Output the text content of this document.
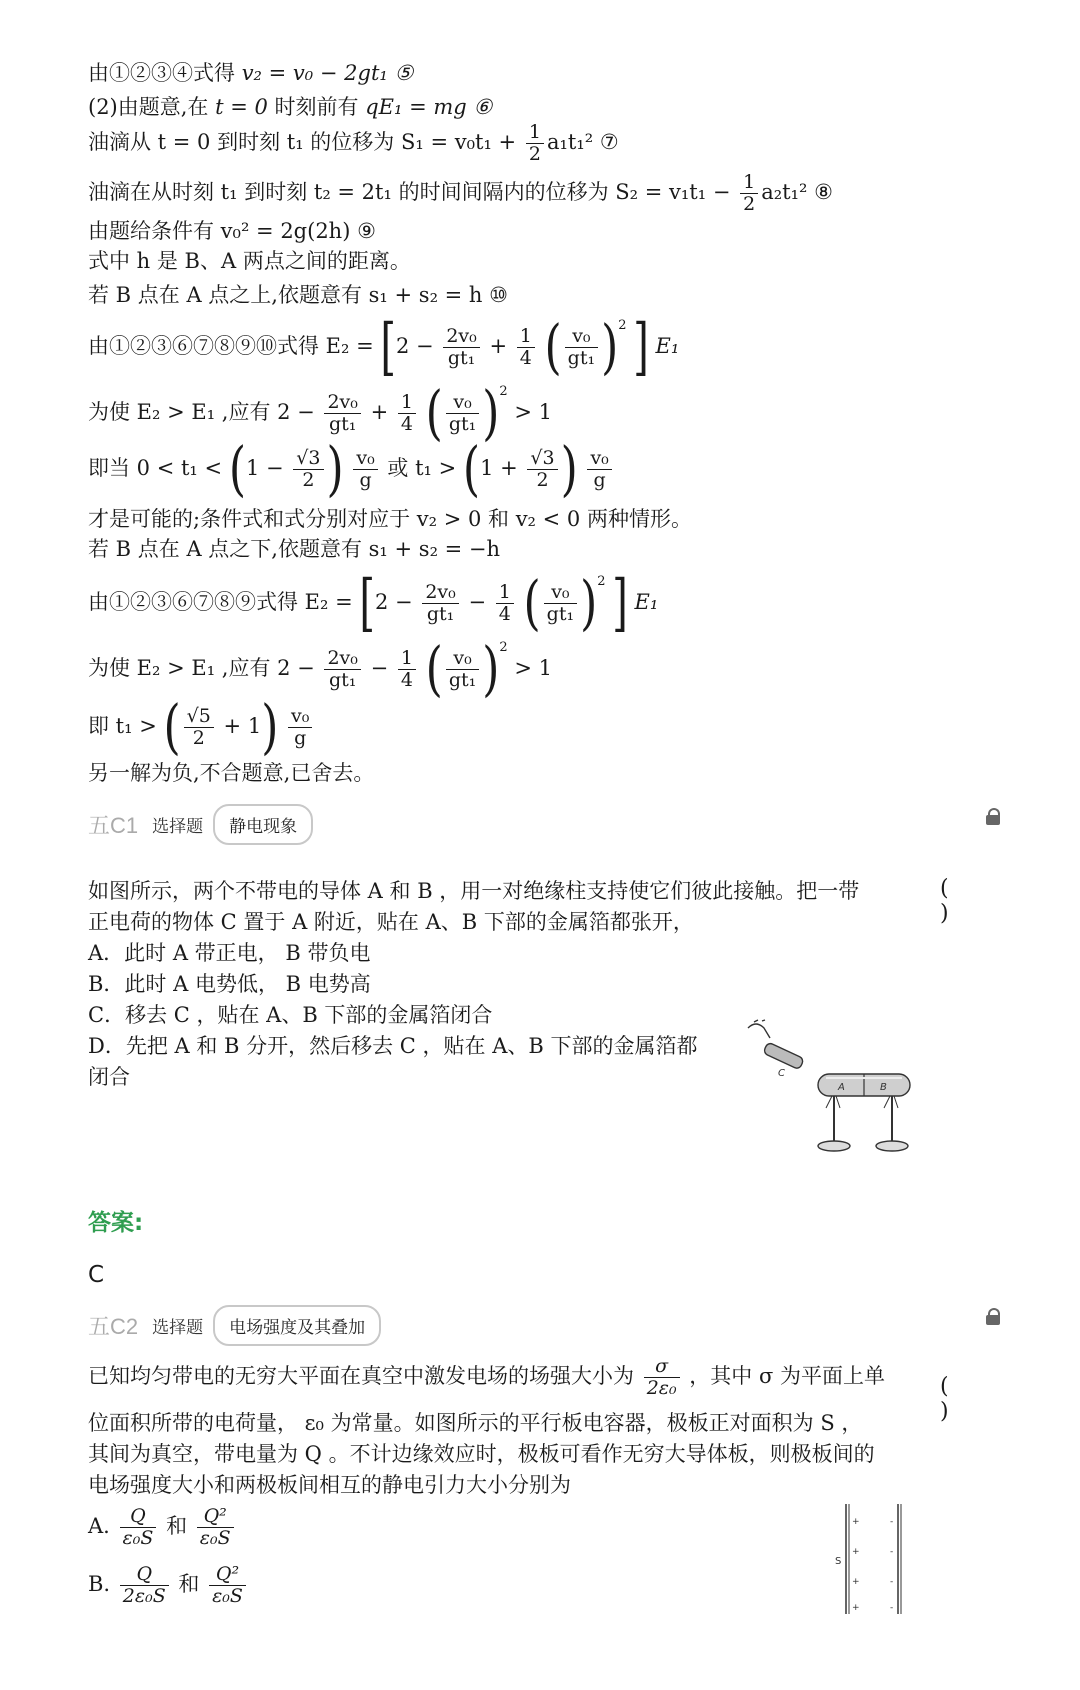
由①②③④式得 v₂ = v₀ − 2gt₁ ⑤
(2)由题意,在 t = 0 时刻前有 qE₁ = mg ⑥
油滴从 t = 0 到时刻 t₁ 的位移为 $S_1 = v_0t_1 + \frac{1}{2} a_1t_1^2$ ⑦
油滴在从时刻 t₁ 到时刻 t₂ = 2t₁ 的时间间隔内的位移为 $S_2 = v_1t_1 - \frac{1}{2} a_2t_1^2$ ⑧
由题给条件有 v₀² = 2g(2h) ⑨
式中 h 是 B、A 两点之间的距离。
若 B 点在 A 点之上,依题意有 s₁ + s₂ = h ⑩
由①②③⑥⑦⑧⑨⑩式得 $E_2 = [2 - \frac{\text{2v₀}}{\text{gt₁}} + \frac{1}{4}$ ( $\frac{\text{v₀}}{\text{gt₁}} )^2$ ] E₁
为使 E₂ > E₁ ,应有 $2 - \frac{\text{2v₀}}{\text{gt₁}} + \frac{1}{4}$ ( $\frac{\text{v₀}}{\text{gt₁}} )^2 > 1$
即当 $0 < t_1 < (1 - \frac{√3}{2}$ ) $\frac{\text{v₀}}{g}$ 或 $t_1 > (1 + \frac{√3}{2}$ ) $\frac{\text{v₀}}{g}$
才是可能的;条件式和式分别对应于 v₂ > 0 和 v₂ < 0 两种情形。
若 B 点在 A 点之下,依题意有 s₁ + s₂ = −h
由①②③⑥⑦⑧⑨式得 $E_2 = [2 - \frac{\text{2v₀}}{\text{gt₁}} - \frac{1}{4}$ ( $\frac{\text{v₀}}{\text{gt₁}} )^2$ ] E₁
为使 E₂ > E₁ ,应有 $2 - \frac{\text{2v₀}}{\text{gt₁}} - \frac{1}{4}$ ( $\frac{\text{v₀}}{\text{gt₁}} )^2 > 1$
即 t₁ > ( $\frac{√5}{2} + 1) \frac{\text{v₀}}{g}$
另一解为负,不合题意,已舍去。
五C1 选择题	静电现象
( )
如图所示，两个不带电的导体 A 和 B ，用一对绝缘柱支持使它们彼此接触。把一带
正电荷的物体 C 置于 A 附近，贴在 A、B 下部的金属箔都张开，
A．此时 A 带正电， B 带负电
B．此时 A 电势低， B 电势高
C．移去 C ，贴在 A、B 下部的金属箔闭合
D．先把 A 和 B 分开，然后移去 C ，贴在 A、B 下部的金属箔都
闭合	C
A	B
答案:
C
五C2 选择题	电场强度及其叠加
( )
已知均匀带电的无穷大平面在真空中激发电场的场强大小为 $\frac{\sigma}{\text{2ε₀}}$ ，其中 σ 为平面上单
位面积所带的电荷量， ε₀ 为常量。如图所示的平行板电容器，极板正对面积为 S ，
其间为真空，带电量为 Q 。不计边缘效应时，极板可看作无穷大导体板，则极板间的
电场强度大小和两极板间相互的静电引力大小分别为
A. $\frac{Q}{\text{ε₀S}}$ 和 $\frac{\text{Q²}}{\text{ε₀S}}$
B. $\frac{Q}{\text{2ε₀S}}$ 和 $\frac{\text{Q²}}{\text{ε₀S}}$
+
+
+
+
-
-
-
-
S
